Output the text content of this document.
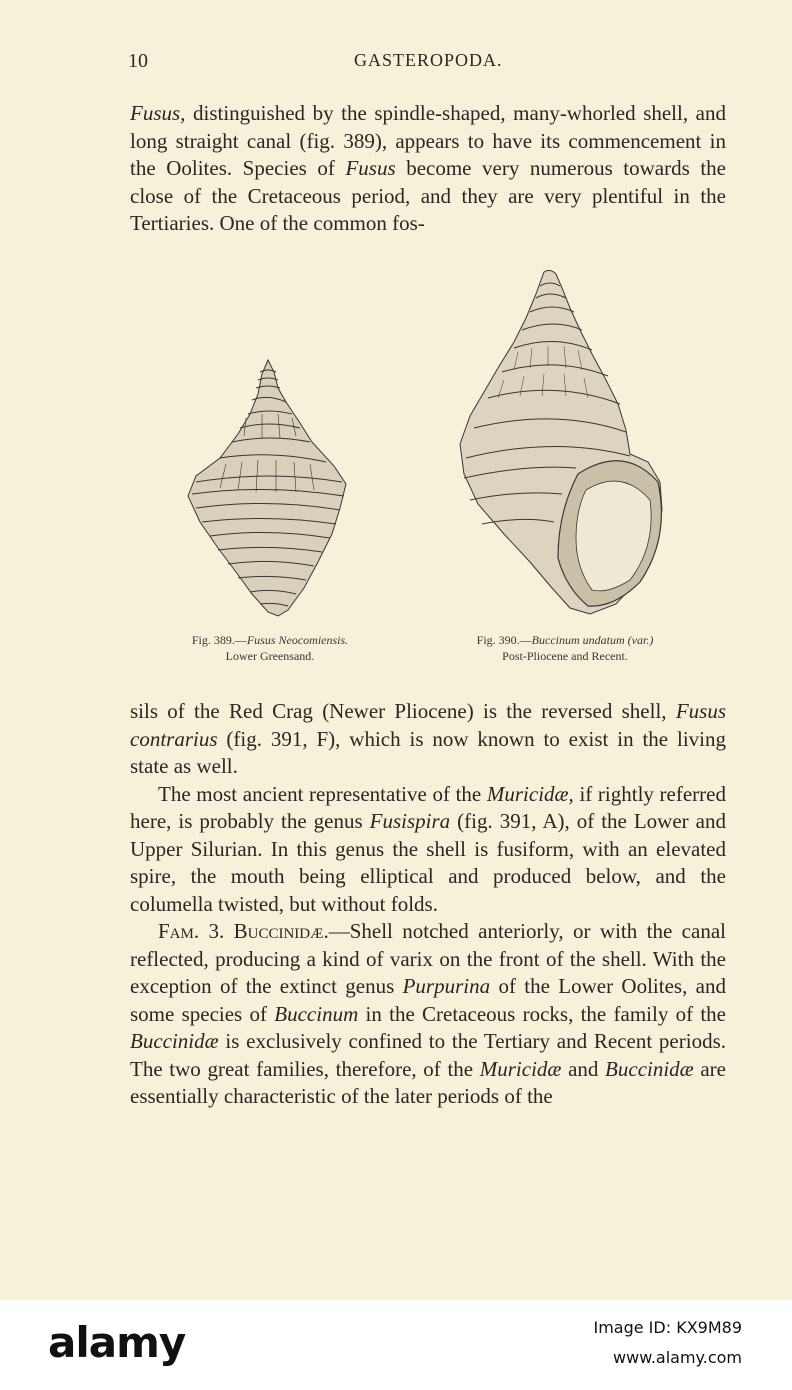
10	GASTEROPODA.

Fusus, distinguished by the spindle-shaped, many-whorled shell, and long straight canal (fig. 389), appears to have its commencement in the Oolites. Species of Fusus become very numerous towards the close of the Cretaceous period, and they are very plentiful in the Tertiaries. One of the common fos-

Fig. 389.—Fusus Neocomiensis.
Lower Greensand.
Fig. 390.—Buccinum undatum (var.)
Post-Pliocene and Recent.

sils of the Red Crag (Newer Pliocene) is the reversed shell, Fusus contrarius (fig. 391, F), which is now known to exist in the living state as well.

The most ancient representative of the Muricidæ, if rightly referred here, is probably the genus Fusispira (fig. 391, A), of the Lower and Upper Silurian. In this genus the shell is fusiform, with an elevated spire, the mouth being elliptical and produced below, and the columella twisted, but without folds.

Fam. 3. Buccinidæ.—Shell notched anteriorly, or with the canal reflected, producing a kind of varix on the front of the shell. With the exception of the extinct genus Purpurina of the Lower Oolites, and some species of Buccinum in the Cretaceous rocks, the family of the Buccinidæ is exclusively confined to the Tertiary and Recent periods. The two great families, therefore, of the Muricidæ and Buccinidæ are essentially characteristic of the later periods of the

alamy	Image ID: KX9M89
www.alamy.com
